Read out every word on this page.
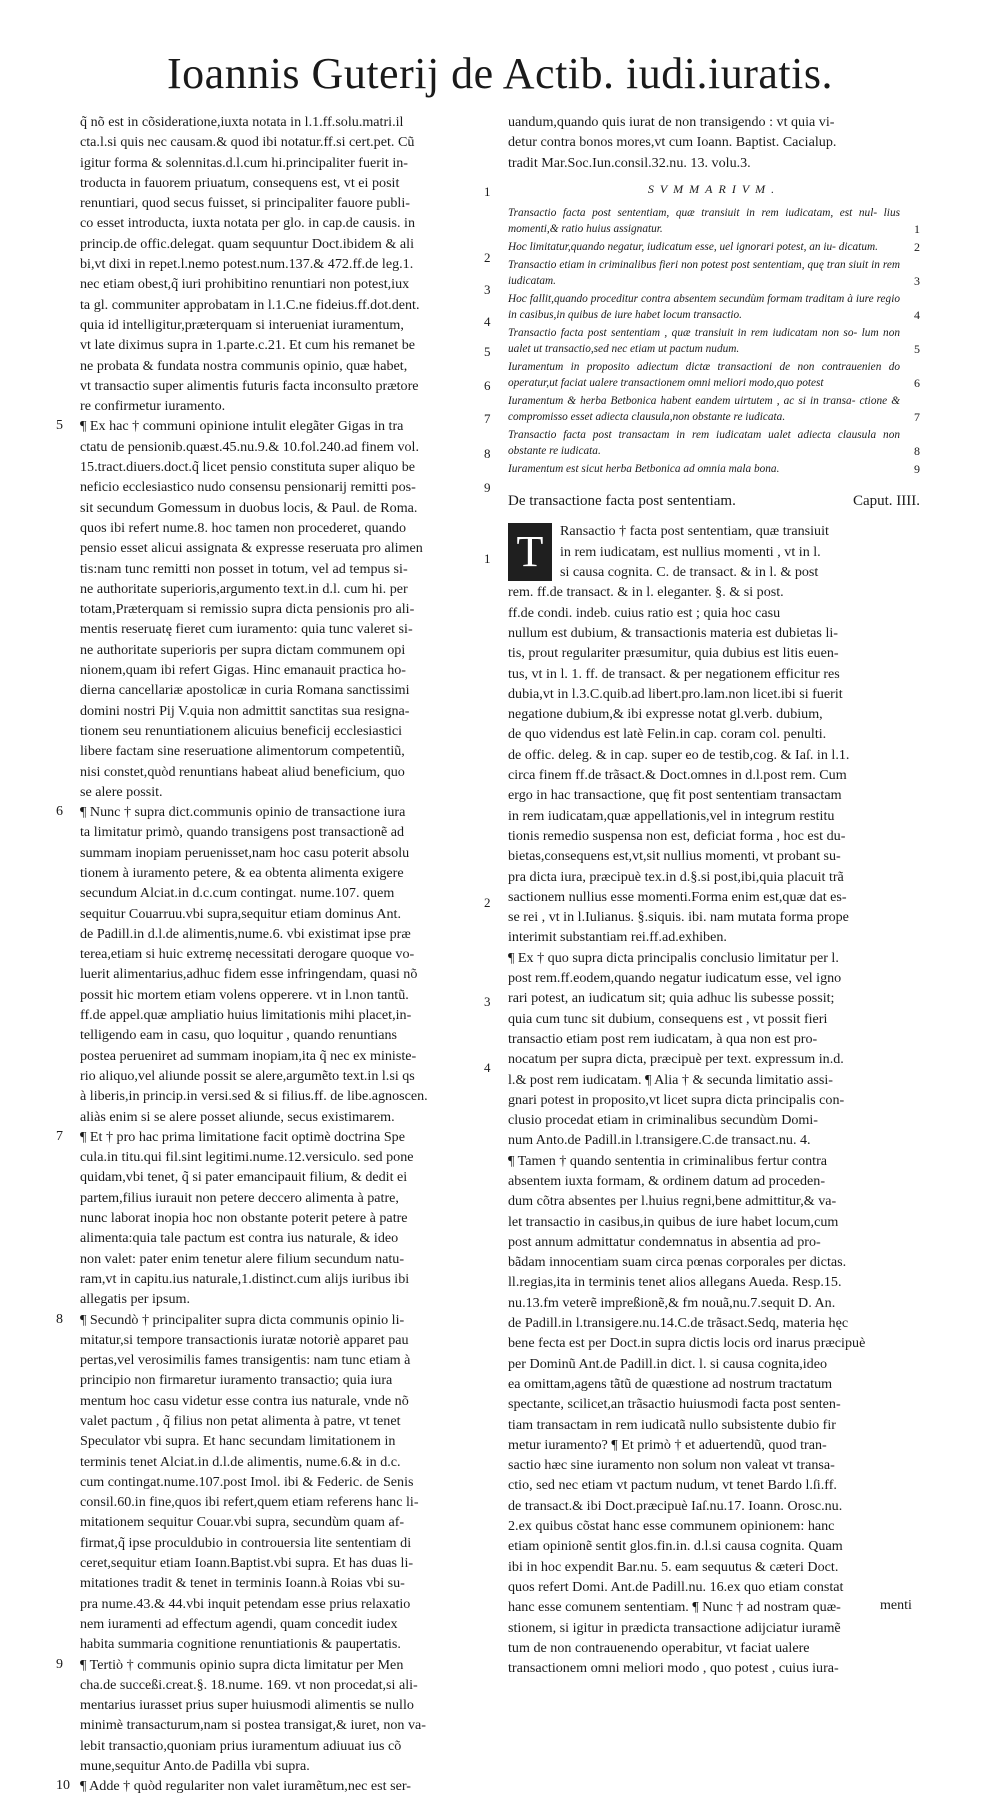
Ioannis Guterij de Actib. iudi.iuratis.
q̃ nõ est in cõsideratione,iuxta notata in l.1.ff.solu.matri.il
cta.l.si quis nec causam.& quod ibi notatur.ff.si cert.pet. Cũ
igitur forma & solennitas.d.l.cum hi.principaliter fuerit in-
troducta in fauorem priuatum, consequens est, vt ei posit
renuntiari, quod secus fuisset, si principaliter fauore publi-
co esset introducta, iuxta notata per glo. in cap.de causis. in
princip.de offic.delegat. quam sequuntur Doct.ibidem & ali
bi,vt dixi in repet.l.nemo potest.num.137.& 472.ff.de leg.1.
nec etiam obest,q̃ iuri prohibitino renuntiari non potest,iux
ta gl. communiter approbatam in l.1.C.ne fideius.ff.dot.dent.
quia id intelligitur,præterquam si interueniat iuramentum,
vt late diximus supra in 1.parte.c.21. Et cum his remanet be
ne probata & fundata nostra communis opinio, quæ habet,
vt transactio super alimentis futuris facta inconsulto prætore
re confirmetur iuramento.
5 ¶ Ex hac † communi opinione intulit elegãter Gigas in tra
ctatu de pensionib.quæst.45.nu.9.& 10.fol.240.ad finem vol.
15.tract.diuers.doct.q̃ licet pensio constituta super aliquo be
neficio ecclesiastico nudo consensu pensionarij remitti pos-
sit secundum Gomessum in duobus locis, & Paul. de Roma.
quos ibi refert nume.8. hoc tamen non procederet, quando
pensio esset alicui assignata & expresse reseruata pro alimen
tis:nam tunc remitti non posset in totum, vel ad tempus si-
ne authoritate superioris,argumento text.in d.l. cum hi. per
totam,Præterquam si remissio supra dicta pensionis pro ali-
mentis reseruatę fieret cum iuramento: quia tunc valeret si-
ne authoritate superioris per supra dictam communem opi
nionem,quam ibi refert Gigas. Hinc emanauit practica ho-
dierna cancellariæ apostolicæ in curia Romana sanctissimi
domini nostri Pij V.quia non admittit sanctitas sua resigna-
tionem seu renuntiationem alicuius beneficij ecclesiastici
libere factam sine reseruatione alimentorum competentiũ,
nisi constet,quòd renuntians habeat aliud beneficium, quo
se alere possit.
6 ¶ Nunc † supra dict.communis opinio de transactione iura
ta limitatur primò, quando transigens post transactionẽ ad
summam inopiam peruenisset,nam hoc casu poterit absolu
tionem à iuramento petere, & ea obtenta alimenta exigere
secundum Alciat.in d.c.cum contingat. nume.107. quem
sequitur Couarruu.vbi supra,sequitur etiam dominus Ant.
de Padill.in d.l.de alimentis,nume.6. vbi existimat ipse præ
terea,etiam si huic extremę necessitati derogare quoque vo-
luerit alimentarius,adhuc fidem esse infringendam, quasi nõ
possit hic mortem etiam volens opperere. vt in l.non tantũ.
ff.de appel.quæ ampliatio huius limitationis mihi placet,in-
telligendo eam in casu, quo loquitur , quando renuntians
postea perueniret ad summam inopiam,ita q̃ nec ex ministe-
rio aliquo,vel aliunde possit se alere,argumẽto text.in l.si qs
à liberis,in princip.in versi.sed & si filius.ff. de libe.agnoscen.
aliàs enim si se alere posset aliunde, secus existimarem.
7 ¶ Et † pro hac prima limitatione facit optimè doctrina Spe
cula.in titu.qui fil.sint legitimi.nume.12.versiculo. sed pone
quidam,vbi tenet, q̃ si pater emancipauit filium, & dedit ei
partem,filius iurauit non petere deccero alimenta à patre,
nunc laborat inopia hoc non obstante poterit petere à patre
alimenta:quia tale pactum est contra ius naturale, & ideo
non valet: pater enim tenetur alere filium secundum natu-
ram,vt in capitu.ius naturale,1.distinct.cum alijs iuribus ibi
allegatis per ipsum.
8 ¶ Secundò † principaliter supra dicta communis opinio li-
mitatur,si tempore transactionis iuratæ notoriè apparet pau
pertas,vel verosimilis fames transigentis: nam tunc etiam à
principio non firmaretur iuramento transactio; quia iura
mentum hoc casu videtur esse contra ius naturale, vnde nõ
valet pactum , q̃ filius non petat alimenta à patre, vt tenet
Speculator vbi supra. Et hanc secundam limitationem in
terminis tenet Alciat.in d.l.de alimentis, nume.6.& in d.c.
cum contingat.nume.107.post Imol. ibi & Federic. de Senis
consil.60.in fine,quos ibi refert,quem etiam referens hanc li-
mitationem sequitur Couar.vbi supra, secundùm quam af-
firmat,q̃ ipse proculdubio in controuersia lite sententiam di
ceret,sequitur etiam Ioann.Baptist.vbi supra. Et has duas li-
mitationes tradit & tenet in terminis Ioann.à Roias vbi su-
pra nume.43.& 44.vbi inquit petendam esse prius relaxatio
nem iuramenti ad effectum agendi, quam concedit iudex
habita summaria cognitione renuntiationis & paupertatis.
9 ¶ Tertiò † communis opinio supra dicta limitatur per Men
cha.de succeßi.creat.§. 18.nume. 169. vt non procedat,si ali-
mentarius iurasset prius super huiusmodi alimentis se nullo
minimè transacturum,nam si postea transigat,& iuret, non va-
lebit transactio,quoniam prius iuramentum adiuuat ius cõ
mune,sequitur Anto.de Padilla vbi supra.
10 ¶ Adde † quòd regulariter non valet iuramẽtum,nec est ser-
uandum,quando quis iurat de non transigendo : vt quia vi-
detur contra bonos mores,vt cum Ioann. Baptist. Cacialup.
tradit Mar.Soc.Iun.consil.32.nu. 13. volu.3.
SVMMARIVM.
Transactio facta post sententiam, quæ transiuit in rem iudicatam, est nul- lius momenti,& ratio huius assignatur.	1
Hoc limitatur,quando negatur, iudicatum esse, uel ignorari potest, an iu- dicatum.	2
Transactio etiam in criminalibus fieri non potest post sententiam, quę tran siuit in rem iudicatam.	3
Hoc fallit,quando proceditur contra absentem secundùm formam traditam à iure regio in casibus,in quibus de iure habet locum transactio.	4
Transactio facta post sententiam , quæ transiuit in rem iudicatam non so- lum non ualet ut transactio,sed nec etiam ut pactum nudum.	5
Iuramentum in proposito adiectum dictæ transactioni de non contrauenien do operatur,ut faciat ualere transactionem omni meliori modo,quo potest	6
Iuramentum & herba Betbonica habent eandem uirtutem , ac si in transa- ctione & compromisso esset adiecta clausula,non obstante re iudicata.	7
Transactio facta post transactam in rem iudicatam ualet adiecta clausula non obstante re iudicata.	8
Iuramentum est sicut herba Betbonica ad omnia mala bona.	9
De transactione facta post sententiam.	Caput. IIII.
T	Ransactio † facta post sententiam, quæ transiuit
in rem iudicatam, est nullius momenti , vt in l.
si causa cognita. C. de transact. & in l. & post
rem. ff.de transact. & in l. eleganter. §. & si post.
ff.de condi. indeb. cuius ratio est ; quia hoc casu
nullum est dubium, & transactionis materia est dubietas li-
tis, prout regulariter præsumitur, quia dubius est litis euen-
tus, vt in l. 1. ff. de transact. & per negationem efficitur res
dubia,vt in l.3.C.quib.ad libert.pro.lam.non licet.ibi si fuerit
negatione dubium,& ibi expresse notat gl.verb. dubium,
de quo videndus est latè Felin.in cap. coram col. penulti.
de offic. deleg. & in cap. super eo de testib,cog. & Iaſ. in l.1.
circa finem ff.de trãsact.& Doct.omnes in d.l.post rem. Cum
ergo in hac transactione, quę fit post sententiam transactam
in rem iudicatam,quæ appellationis,vel in integrum restitu
tionis remedio suspensa non est, deficiat forma , hoc est du-
bietas,consequens est,vt,sit nullius momenti, vt probant su-
pra dicta iura, præcipuè tex.in d.§.si post,ibi,quia placuit trã
sactionem nullius esse momenti.Forma enim est,quæ dat es-
se rei , vt in l.Iulianus. §.siquis. ibi. nam mutata forma prope
interimit substantiam rei.ff.ad.exhiben.
¶ Ex † quo supra dicta principalis conclusio limitatur per l.
post rem.ff.eodem,quando negatur iudicatum esse, vel igno
rari potest, an iudicatum sit; quia adhuc lis subesse possit;
quia cum tunc sit dubium, consequens est , vt possit fieri
transactio etiam post rem iudicatam, à qua non est pro-
nocatum per supra dicta, præcipuè per text. expressum in.d.
l.& post rem iudicatam. ¶ Alia † & secunda limitatio assi-
gnari potest in proposito,vt licet supra dicta principalis con-
clusio procedat etiam in criminalibus secundùm Domi-
num Anto.de Padill.in l.transigere.C.de transact.nu. 4.
¶ Tamen † quando sententia in criminalibus fertur contra
absentem iuxta formam, & ordinem datum ad proceden-
dum cõtra absentes per l.huius regni,bene admittitur,& va-
let transactio in casibus,in quibus de iure habet locum,cum
post annum admittatur condemnatus in absentia ad pro-
bãdam innocentiam suam circa pœnas corporales per dictas.
ll.regias,ita in terminis tenet alios allegans Aueda. Resp.15.
nu.13.fm veterẽ impreßionẽ,& fm nouã,nu.7.sequit D. An.
de Padill.in l.transigere.nu.14.C.de trãsact.Sedq, materia hęc
bene fecta est per Doct.in supra dictis locis ord inarus præcipuè
per Dominũ Ant.de Padill.in dict. l. si causa cognita,ideo
ea omittam,agens tãtũ de quæstione ad nostrum tractatum
spectante, scilicet,an trãsactio huiusmodi facta post senten-
tiam transactam in rem iudicatã nullo subsistente dubio fir
metur iuramento? ¶ Et primò † et aduertendũ, quod tran-
sactio hæc sine iuramento non solum non valeat vt transa-
ctio, sed nec etiam vt pactum nudum, vt tenet Bardo l.ſi.ff.
de transact.& ibi Doct.præcipuè Iaſ.nu.17. Ioann. Orosc.nu.
2.ex quibus cõstat hanc esse communem opinionem: hanc
etiam opinionẽ sentit glos.fin.in. d.l.si causa cognita. Quam
ibi in hoc expendit Bar.nu. 5. eam sequutus & cæteri Doct.
quos refert Domi. Ant.de Padill.nu. 16.ex quo etiam constat
hanc esse comunem sententiam. ¶ Nunc † ad nostram quæ-
stionem, si igitur in prædicta transactione adijciatur iuramẽ
tum de non contrauenendo operabitur, vt faciat ualere
transactionem omni meliori modo , quo potest , cuius iura-
menti
1
2
3
4
5
6
7
8
9
1
2
3
4
